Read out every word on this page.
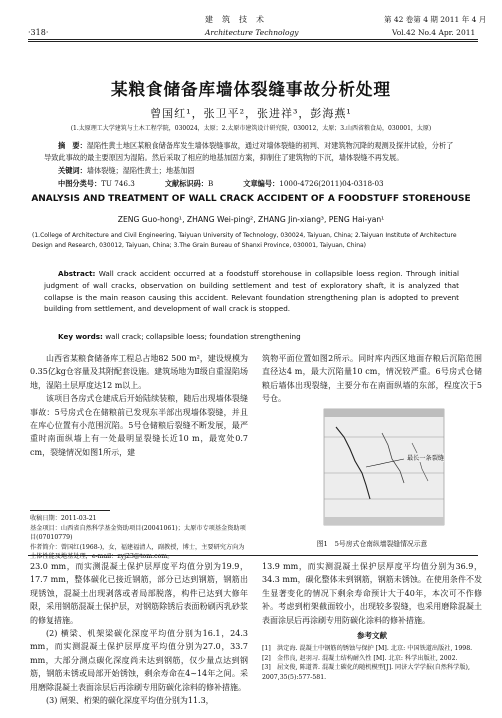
·318·
建筑技术
Architecture Technology
第 42 卷第 4 期 2011 年 4 月
Vol.42 No.4 Apr. 2011
某粮食储备库墙体裂缝事故分析处理
曾国红¹，张卫平²，张进祥³，彭海燕¹
(1.太原理工大学建筑与土木工程学院，030024，太原；2.太原市建筑设计研究院，030012，太原；3.山西省粮食局，030001，太原)
摘　要：湿陷性黄土地区某粮食储备库发生墙体裂缝事故，通过对墙体裂缝的初判、对建筑物沉降的观测及探井试验，分析了导致此事故的最主要原因为湿陷。然后采取了相应的地基加固方案，抑制住了建筑物的下沉，墙体裂缝不再发展。
关键词：墙体裂缝；湿陷性黄土；地基加固
中图分类号：TU 746.3	文献标识码：B	文章编号：1000-4726(2011)04-0318-03
ANALYSIS AND TREATMENT OF WALL CRACK ACCIDENT OF A FOODSTUFF STOREHOUSE
ZENG Guo-hong¹, ZHANG Wei-ping², ZHANG Jin-xiang³, PENG Hai-yan¹
(1.College of Architecture and Civil Engineering, Taiyuan University of Technology, 030024, Taiyuan, China; 2.Taiyuan Institute of Architecture Design and Research, 030012, Taiyuan, China; 3.The Grain Bureau of Shanxi Province, 030001, Taiyuan, China)
Abstract: Wall crack accident occurred at a foodstuff storehouse in collapsible loess region. Through initial judgment of wall cracks, observation on building settlement and test of exploratory shaft, it is analyzed that collapse is the main reason causing this accident. Relevant foundation strengthening plan is adopted to prevent building from settlement, and development of wall crack is stopped.
Key words: wall crack; collapsible loess; foundation strengthening

山西省某粮食储备库工程总占地82 500 m²，建设规模为0.35亿kg仓容量及其附配套设施。建筑场地为Ⅱ级自重湿陷场地，湿陷土层厚度达12 m以上。

该项目各房式仓建成后开始陆续装粮，随后出现墙体裂缝事故：5号房式仓在储粮前已发现东半部出现墙体裂缝，并且在库心位置有小范围沉陷。5号仓储粮后裂缝不断发展，最严重时南面纵墙上有一处最明显裂缝长近10 m，最宽处0.7 cm，裂缝情况如图1所示，建

筑物平面位置如图2所示。同时库内西区地面存粮后沉陷范围直径达4 m，最大沉陷量10 cm，情况较严重。6号房式仓储粮后墙体出现裂缝，主要分布在南面纵墙的东部，程度次于5号仓。

最长一条裂缝
图1　5号房式仓南纵墙裂缝情况示意
收稿日期：2011-03-21
基金项目：山西省自然科学基金资助项目(20041061)；太原市专项基金资助项目(07010779)
作者简介：曾国红(1968-)，女，福建福清人，副教授，博士，主要研究方向为土体性能及地基处理，e-mail：zyj23@tom.com。

23.0 mm，而实测混凝土保护层厚度平均值分别为19.9，17.7 mm，整体碳化已接近钢筋，部分已达到钢筋，钢筋出现锈蚀，混凝土出现剥落或者局部脱落，构件已达到大修年限，采用钢筋混凝土保护层，对钢筋除锈后表面粉刷丙乳砂浆的修复措施。

(2) 横梁、机架梁碳化深度平均值分别为16.1，24.3 mm，而实测混凝土保护层厚度平均值分别为27.0，33.7 mm，大部分测点碳化深度尚未达到钢筋，仅少量点达到钢筋，钢筋未锈或局部开始锈蚀，剩余寿命在4~14年之间。采用磨除混凝土表面涂层后再涂刷专用防碳化涂料的修补措施。

(3) 闸架、桁架的碳化深度平均值分别为11.3，

13.9 mm，而实测混凝土保护层厚度平均值分别为36.9，34.3 mm，碳化整体未到钢筋，钢筋未锈蚀。在使用条件不发生显著变化的情况下剩余寿命预计大于40年，本次可不作修补。考虑到桁架截面较小，出现较多裂缝，也采用磨除混凝土表面涂层后再涂刷专用防碳化涂料的修补措施。

参考文献
[1]　洪定海. 混凝土中钢筋的锈蚀与保护 [M]. 北京: 中国铁道出版社, 1998.
[2]　金伟良, 赵羽习. 混凝土结构耐久性 [M]. 北京: 科学出版社, 2002.
[3]　屈文俊, 陈道普. 混凝土碳化的随机模型[J]. 同济大学学报(自然科学版), 2007,35(5):577-581.
